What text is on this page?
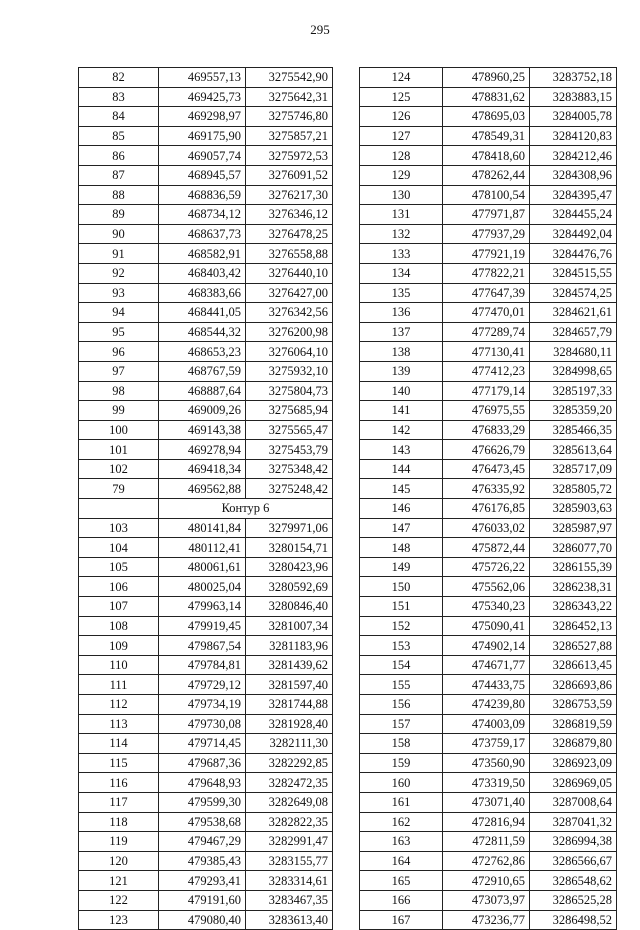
295
82	469557,13	3275542,90
83	469425,73	3275642,31
84	469298,97	3275746,80
85	469175,90	3275857,21
86	469057,74	3275972,53
87	468945,57	3276091,52
88	468836,59	3276217,30
89	468734,12	3276346,12
90	468637,73	3276478,25
91	468582,91	3276558,88
92	468403,42	3276440,10
93	468383,66	3276427,00
94	468441,05	3276342,56
95	468544,32	3276200,98
96	468653,23	3276064,10
97	468767,59	3275932,10
98	468887,64	3275804,73
99	469009,26	3275685,94
100	469143,38	3275565,47
101	469278,94	3275453,79
102	469418,34	3275348,42
79	469562,88	3275248,42
	Контур 6	
103	480141,84	3279971,06
104	480112,41	3280154,71
105	480061,61	3280423,96
106	480025,04	3280592,69
107	479963,14	3280846,40
108	479919,45	3281007,34
109	479867,54	3281183,96
110	479784,81	3281439,62
111	479729,12	3281597,40
112	479734,19	3281744,88
113	479730,08	3281928,40
114	479714,45	3282111,30
115	479687,36	3282292,85
116	479648,93	3282472,35
117	479599,30	3282649,08
118	479538,68	3282822,35
119	479467,29	3282991,47
120	479385,43	3283155,77
121	479293,41	3283314,61
122	479191,60	3283467,35
123	479080,40	3283613,40
124	478960,25	3283752,18
125	478831,62	3283883,15
126	478695,03	3284005,78
127	478549,31	3284120,83
128	478418,60	3284212,46
129	478262,44	3284308,96
130	478100,54	3284395,47
131	477971,87	3284455,24
132	477937,29	3284492,04
133	477921,19	3284476,76
134	477822,21	3284515,55
135	477647,39	3284574,25
136	477470,01	3284621,61
137	477289,74	3284657,79
138	477130,41	3284680,11
139	477412,23	3284998,65
140	477179,14	3285197,33
141	476975,55	3285359,20
142	476833,29	3285466,35
143	476626,79	3285613,64
144	476473,45	3285717,09
145	476335,92	3285805,72
146	476176,85	3285903,63
147	476033,02	3285987,97
148	475872,44	3286077,70
149	475726,22	3286155,39
150	475562,06	3286238,31
151	475340,23	3286343,22
152	475090,41	3286452,13
153	474902,14	3286527,88
154	474671,77	3286613,45
155	474433,75	3286693,86
156	474239,80	3286753,59
157	474003,09	3286819,59
158	473759,17	3286879,80
159	473560,90	3286923,09
160	473319,50	3286969,05
161	473071,40	3287008,64
162	472816,94	3287041,32
163	472811,59	3286994,38
164	472762,86	3286566,67
165	472910,65	3286548,62
166	473073,97	3286525,28
167	473236,77	3286498,52
